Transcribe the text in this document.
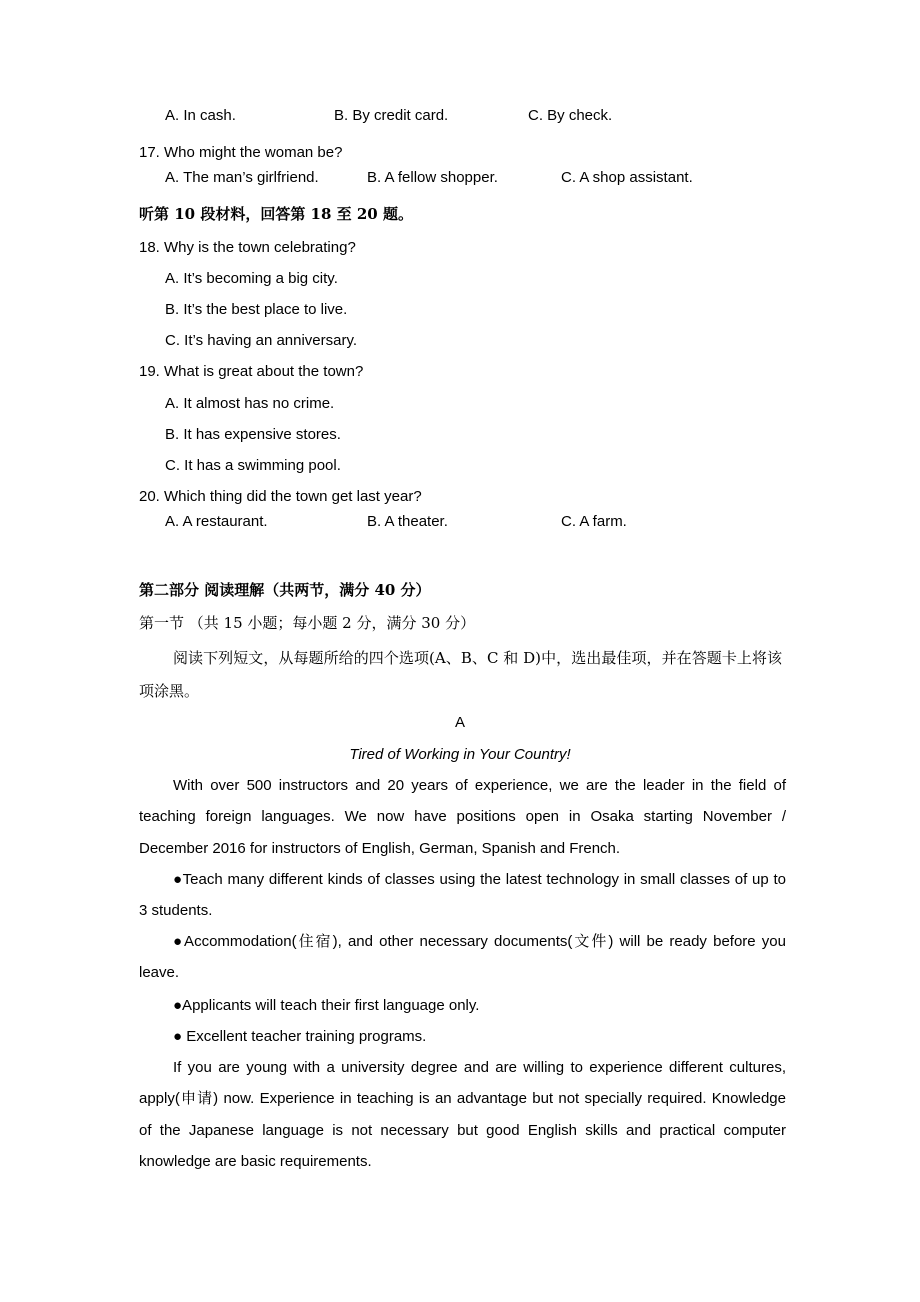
A. In cash.	B. By credit card.	C. By check.
17. Who might the woman be?
A. The man’s girlfriend.	B. A fellow shopper.	C. A shop assistant.
听第 10 段材料，回答第 18 至 20 题。
18. Why is the town celebrating?
A. It’s becoming a big city.
B. It’s the best place to live.
C. It’s having an anniversary.
19. What is great about the town?
A. It almost has no crime.
B. It has expensive stores.
C. It has a swimming pool.
20. Which thing did the town get last year?
A. A restaurant.	B. A theater.	C. A farm.
第二部分 阅读理解（共两节，满分 40 分）
第一节 （共 15 小题；每小题 2 分，满分 30 分）
阅读下列短文，从每题所给的四个选项(A、B、C 和 D)中，选出最佳项，并在答题卡上将该项涂黑。
A
Tired of Working in Your Country!
With over 500 instructors and 20 years of experience, we are the leader in the field of teaching foreign languages. We now have positions open in Osaka starting November / December 2016 for instructors of English, German, Spanish and French.
●Teach many different kinds of classes using the latest technology in small classes of up to 3 students.
●Accommodation(住宿), and other necessary documents(文件) will be ready before you leave.
●Applicants will teach their first language only.
● Excellent teacher training programs.
If you are young with a university degree and are willing to experience different cultures, apply(申请) now. Experience in teaching is an advantage but not specially required. Knowledge of the Japanese language is not necessary but good English skills and practical computer knowledge are basic requirements.
